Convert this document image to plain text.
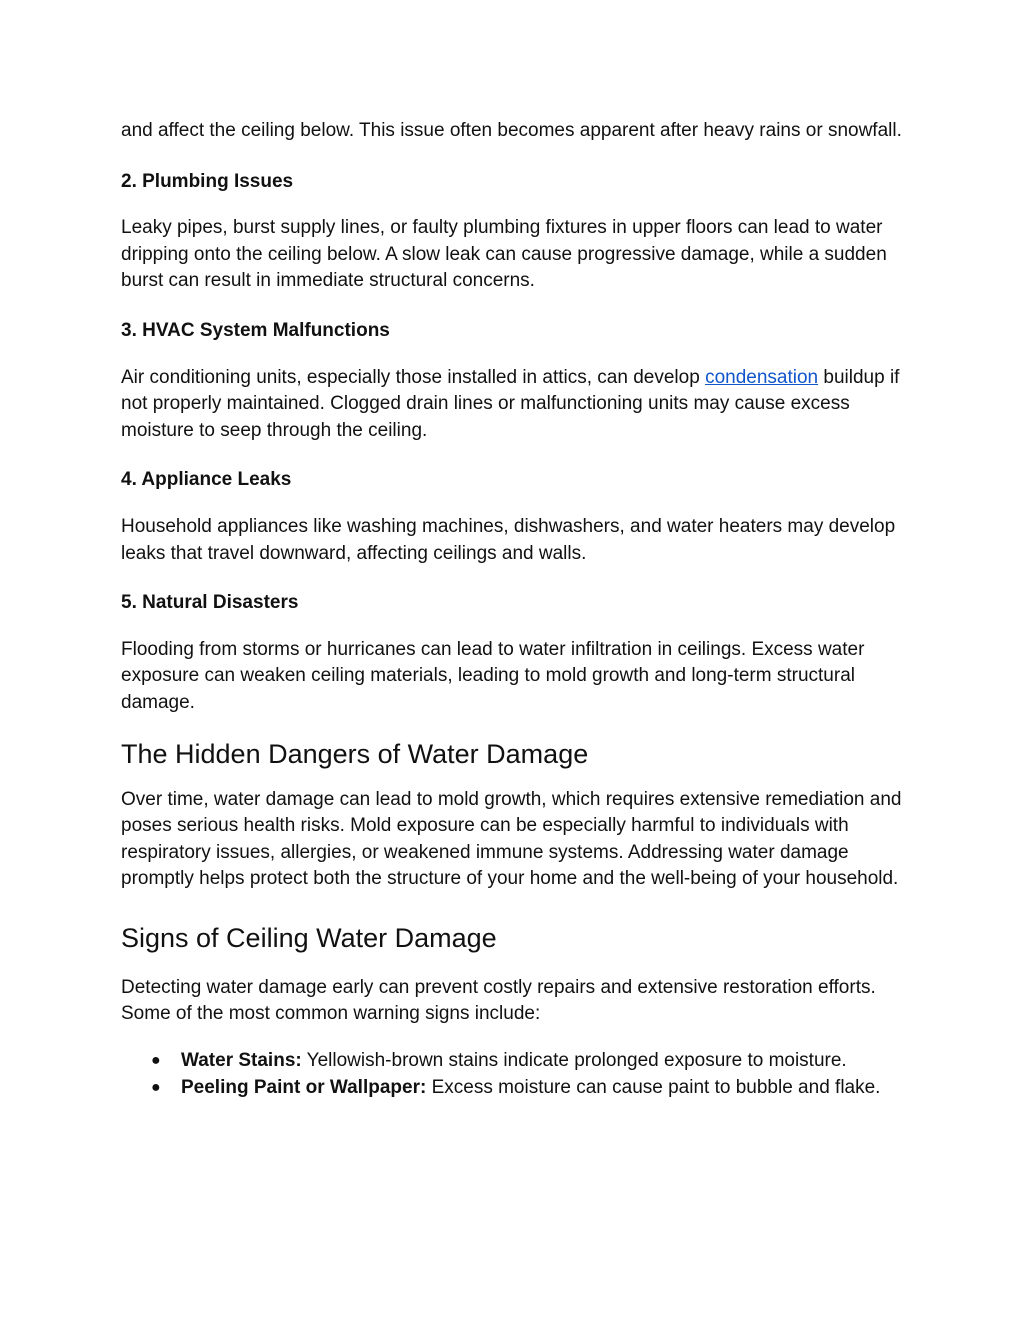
and affect the ceiling below. This issue often becomes apparent after heavy rains or snowfall.

2. Plumbing Issues

Leaky pipes, burst supply lines, or faulty plumbing fixtures in upper floors can lead to water dripping onto the ceiling below. A slow leak can cause progressive damage, while a sudden burst can result in immediate structural concerns.

3. HVAC System Malfunctions

Air conditioning units, especially those installed in attics, can develop condensation buildup if not properly maintained. Clogged drain lines or malfunctioning units may cause excess moisture to seep through the ceiling.

4. Appliance Leaks

Household appliances like washing machines, dishwashers, and water heaters may develop leaks that travel downward, affecting ceilings and walls.

5. Natural Disasters

Flooding from storms or hurricanes can lead to water infiltration in ceilings. Excess water exposure can weaken ceiling materials, leading to mold growth and long-term structural damage.

The Hidden Dangers of Water Damage

Over time, water damage can lead to mold growth, which requires extensive remediation and poses serious health risks. Mold exposure can be especially harmful to individuals with respiratory issues, allergies, or weakened immune systems. Addressing water damage promptly helps protect both the structure of your home and the well-being of your household.

Signs of Ceiling Water Damage

Detecting water damage early can prevent costly repairs and extensive restoration efforts. Some of the most common warning signs include:

● Water Stains: Yellowish-brown stains indicate prolonged exposure to moisture.
● Peeling Paint or Wallpaper: Excess moisture can cause paint to bubble and flake.
